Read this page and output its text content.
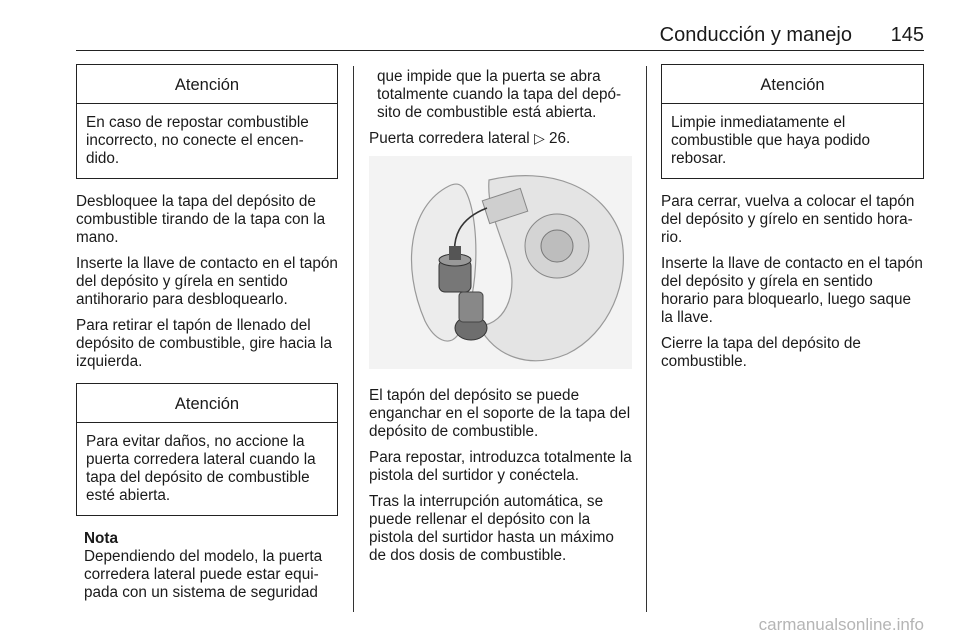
Conducción y manejo 145
Atención
En caso de repostar combustible incorrecto, no conecte el encen-dido.

Desbloquee la tapa del depósito de combustible tirando de la tapa con la mano.

Inserte la llave de contacto en el tapón del depósito y gírela en sentido antihorario para desbloquearlo.

Para retirar el tapón de llenado del depósito de combustible, gire hacia la izquierda.

Atención
Para evitar daños, no accione la puerta corredera lateral cuando la tapa del depósito de combustible esté abierta.
Nota
Dependiendo del modelo, la puerta corredera lateral puede estar equi-pada con un sistema de seguridad

que impide que la puerta se abra totalmente cuando la tapa del depó-sito de combustible está abierta.

Puerta corredera lateral ▷ 26.

El tapón del depósito se puede enganchar en el soporte de la tapa del depósito de combustible.

Para repostar, introduzca totalmente la pistola del surtidor y conéctela.

Tras la interrupción automática, se puede rellenar el depósito con la pistola del surtidor hasta un máximo de dos dosis de combustible.

Atención
Limpie inmediatamente el combustible que haya podido rebosar.

Para cerrar, vuelva a colocar el tapón del depósito y gírelo en sentido hora-rio.

Inserte la llave de contacto en el tapón del depósito y gírela en sentido horario para bloquearlo, luego saque la llave.

Cierre la tapa del depósito de combustible.

carmanualsonline.info
